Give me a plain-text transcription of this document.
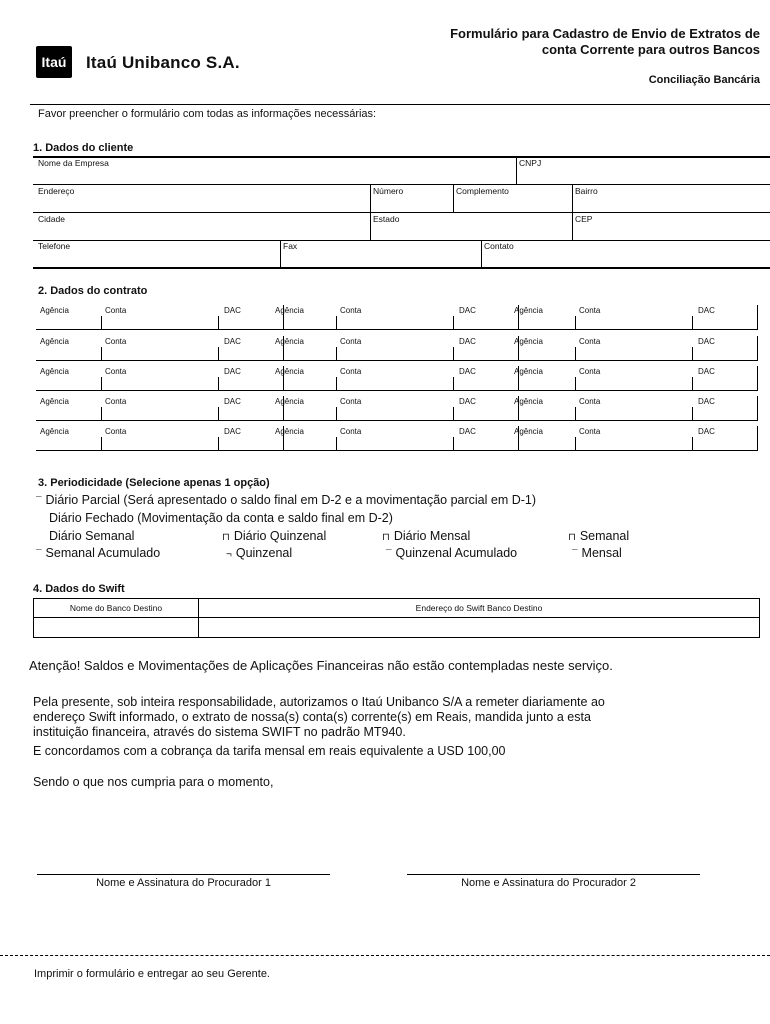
Itaú	Itaú Unibanco S.A.
Formulário para Cadastro de Envio de Extratos de
conta Corrente para outros Bancos
Conciliação Bancária
Favor preencher o formulário com todas as informações necessárias:
1. Dados do cliente
Nome da Empresa	CNPJ
Endereço	Número	Complemento	Bairro
Cidade	Estado	CEP
Telefone	Fax	Contato
2. Dados do contrato
Agência	Conta	DAC	Agência	Conta	DAC	Agência	Conta	DAC
Agência	Conta	DAC	Agência	Conta	DAC	Agência	Conta	DAC
Agência	Conta	DAC	Agência	Conta	DAC	Agência	Conta	DAC
Agência	Conta	DAC	Agência	Conta	DAC	Agência	Conta	DAC
Agência	Conta	DAC	Agência	Conta	DAC	Agência	Conta	DAC
3. Periodicidade (Selecione apenas 1 opção)
¯ Diário Parcial (Será apresentado o saldo final em D-2 e a movimentação parcial em D-1)
Diário Fechado (Movimentação da conta e saldo final em D-2)
Diário Semanal	⊓ Diário Quinzenal	⊓ Diário Mensal	⊓ Semanal
¯ Semanal Acumulado	¬ Quinzenal	¯ Quinzenal Acumulado	¯ Mensal
4. Dados do Swift
Nome do Banco Destino	Endereço do Swift Banco Destino

Atenção! Saldos e Movimentações de Aplicações Financeiras não estão contempladas neste serviço.
Pela presente, sob inteira responsabilidade, autorizamos o Itaú Unibanco S/A a remeter diariamente ao
endereço Swift informado, o extrato de nossa(s) conta(s) corrente(s) em Reais, mandida junto a esta
instituição financeira, através do sistema SWIFT no padrão MT940.
E concordamos com a cobrança da tarifa mensal em reais equivalente a USD 100,00
Sendo o que nos cumpria para o momento,
Nome e Assinatura do Procurador 1	Nome e Assinatura do Procurador 2
Imprimir o formulário e entregar ao seu Gerente.
